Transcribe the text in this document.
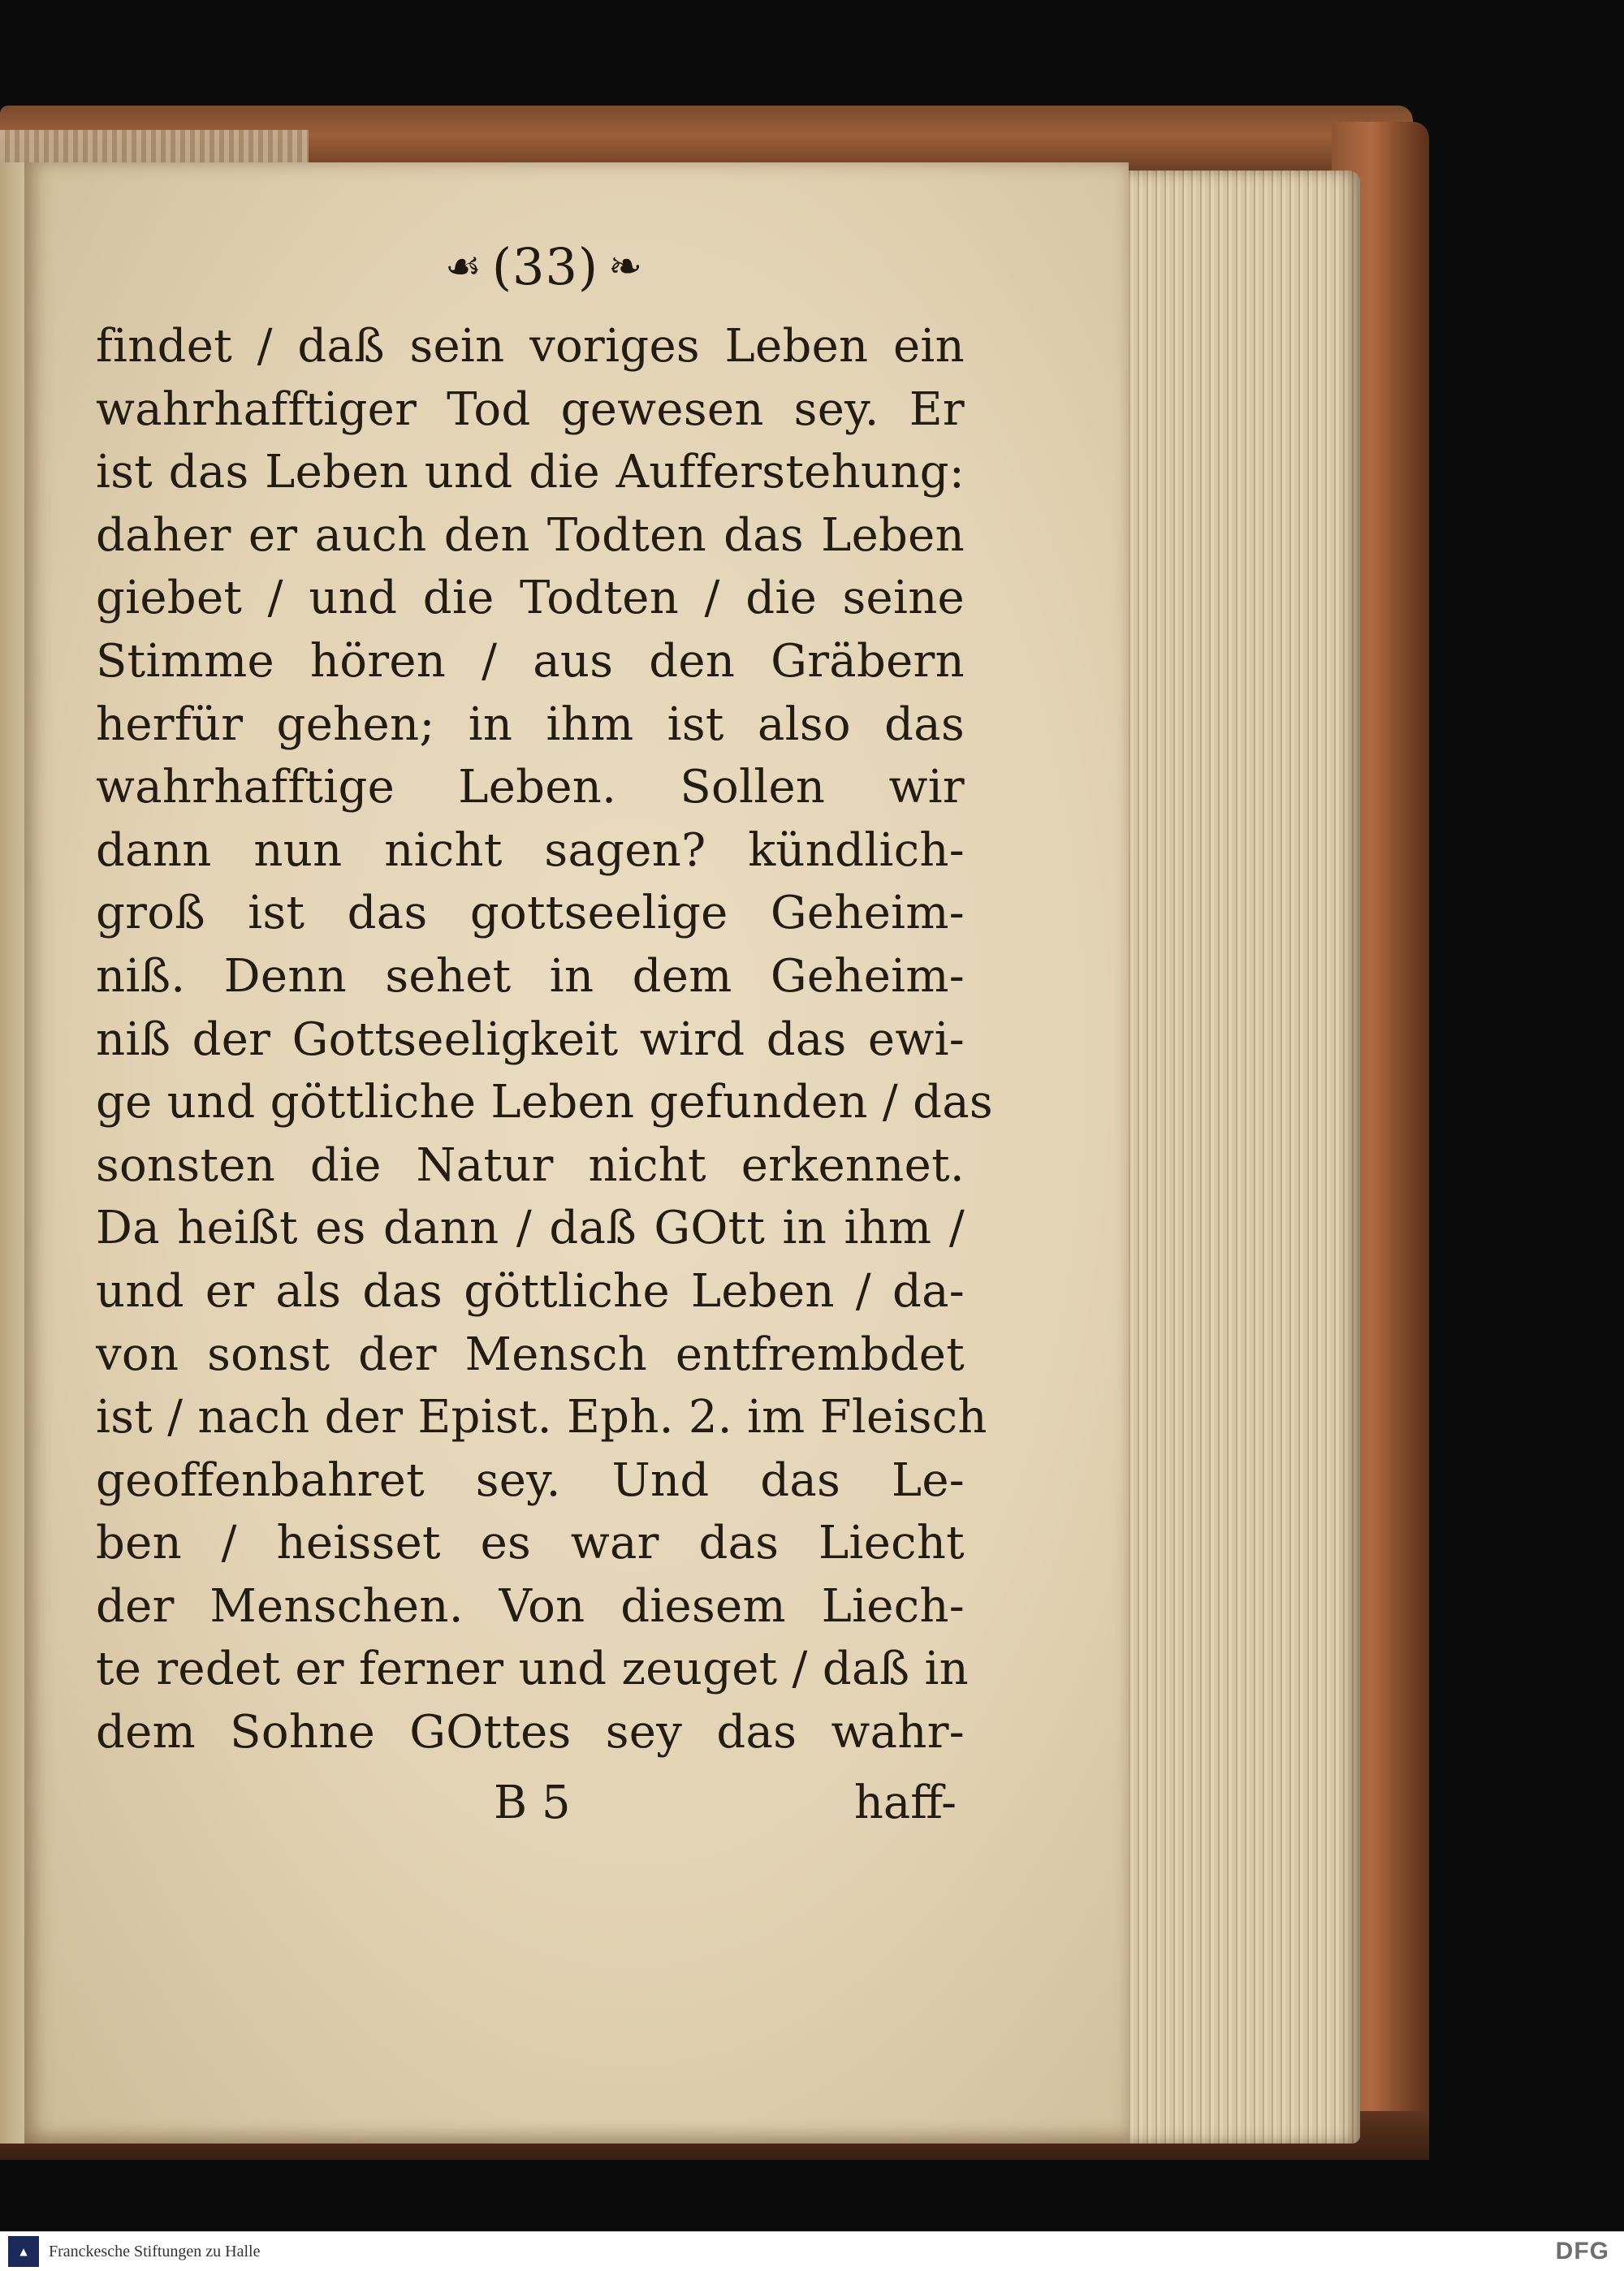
☙ (33) ❧
findet / daß sein voriges Leben ein
wahrhafftiger Tod gewesen sey. Er
ist das Leben und die Aufferstehung:
daher er auch den Todten das Leben
giebet / und die Todten / die seine
Stimme hören / aus den Gräbern
herfür gehen; in ihm ist also das
wahrhafftige Leben. Sollen wir
dann nun nicht sagen? kündlich-
groß ist das gottseelige Geheim-
niß. Denn sehet in dem Geheim-
niß der Gottseeligkeit wird das ewi-
ge und göttliche Leben gefunden / das
sonsten die Natur nicht erkennet.
Da heißt es dann / daß GOtt in ihm /
und er als das göttliche Leben / da-
von sonst der Mensch entfrembdet
ist / nach der Epist. Eph. 2. im Fleisch
geoffenbahret sey. Und das Le-
ben / heisset es war das Liecht
der Menschen. Von diesem Liech-
te redet er ferner und zeuget / daß in
dem Sohne GOttes sey das wahr-
B 5	haff-
▲	Franckesche Stiftungen zu Halle	DFG
